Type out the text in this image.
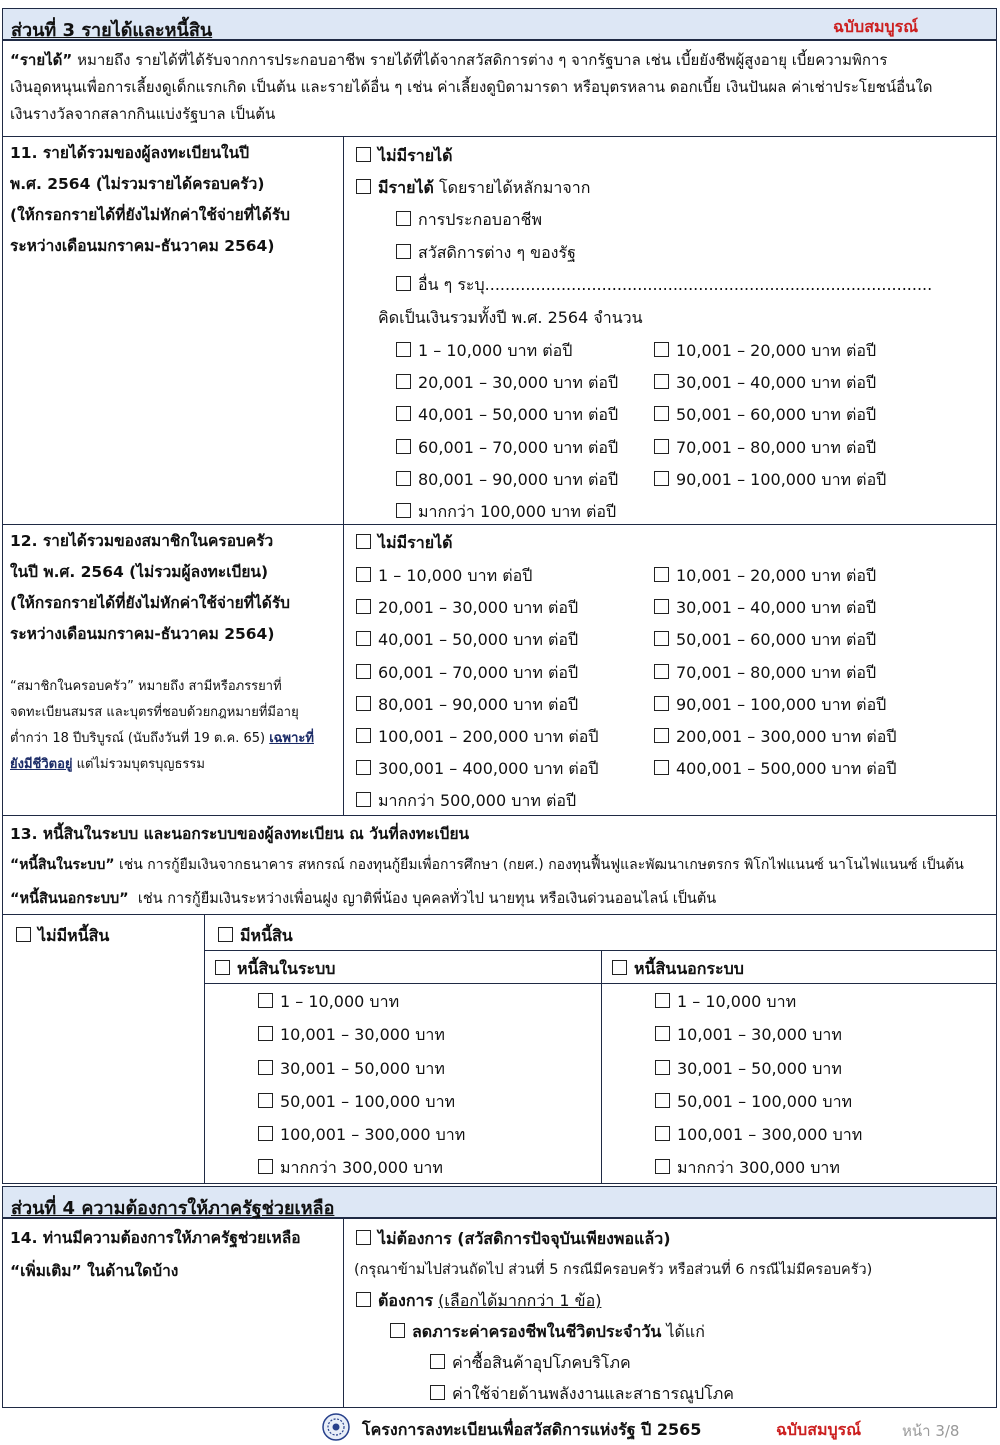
ส่วนที่ 3 รายได้และหนี้สิน	ฉบับสมบูรณ์
“รายได้” หมายถึง รายได้ที่ได้รับจากการประกอบอาชีพ รายได้ที่ได้จากสวัสดิการต่าง ๆ จากรัฐบาล เช่น เบี้ยยังชีพผู้สูงอายุ เบี้ยความพิการ
เงินอุดหนุนเพื่อการเลี้ยงดูเด็กแรกเกิด เป็นต้น และรายได้อื่น ๆ เช่น ค่าเลี้ยงดูบิดามารดา หรือบุตรหลาน ดอกเบี้ย เงินปันผล ค่าเช่าประโยชน์อื่นใด
เงินรางวัลจากสลากกินแบ่งรัฐบาล เป็นต้น
11. รายได้รวมของผู้ลงทะเบียนในปี
พ.ศ. 2564 (ไม่รวมรายได้ครอบครัว)
(ให้กรอกรายได้ที่ยังไม่หักค่าใช้จ่ายที่ได้รับ
ระหว่างเดือนมกราคม-ธันวาคม 2564)
ไม่มีรายได้
มีรายได้ โดยรายได้หลักมาจาก
การประกอบอาชีพ
สวัสดิการต่าง ๆ ของรัฐ
อื่น ๆ ระบุ........................................................................................
คิดเป็นเงินรวมทั้งปี พ.ศ. 2564 จำนวน
1 – 10,000 บาท ต่อปี	10,001 – 20,000 บาท ต่อปี
20,001 – 30,000 บาท ต่อปี	30,001 – 40,000 บาท ต่อปี
40,001 – 50,000 บาท ต่อปี	50,001 – 60,000 บาท ต่อปี
60,001 – 70,000 บาท ต่อปี	70,001 – 80,000 บาท ต่อปี
80,001 – 90,000 บาท ต่อปี	90,001 – 100,000 บาท ต่อปี
มากกว่า 100,000 บาท ต่อปี
12. รายได้รวมของสมาชิกในครอบครัว
ในปี พ.ศ. 2564 (ไม่รวมผู้ลงทะเบียน)
(ให้กรอกรายได้ที่ยังไม่หักค่าใช้จ่ายที่ได้รับ
ระหว่างเดือนมกราคม-ธันวาคม 2564)
“สมาชิกในครอบครัว” หมายถึง สามีหรือภรรยาที่
จดทะเบียนสมรส และบุตรที่ชอบด้วยกฎหมายที่มีอายุ
ต่ำกว่า 18 ปีบริบูรณ์ (นับถึงวันที่ 19 ต.ค. 65) เฉพาะที่
ยังมีชีวิตอยู่ แต่ไม่รวมบุตรบุญธรรม
ไม่มีรายได้
1 – 10,000 บาท ต่อปี	10,001 – 20,000 บาท ต่อปี
20,001 – 30,000 บาท ต่อปี	30,001 – 40,000 บาท ต่อปี
40,001 – 50,000 บาท ต่อปี	50,001 – 60,000 บาท ต่อปี
60,001 – 70,000 บาท ต่อปี	70,001 – 80,000 บาท ต่อปี
80,001 – 90,000 บาท ต่อปี	90,001 – 100,000 บาท ต่อปี
100,001 – 200,000 บาท ต่อปี	200,001 – 300,000 บาท ต่อปี
300,001 – 400,000 บาท ต่อปี	400,001 – 500,000 บาท ต่อปี
มากกว่า 500,000 บาท ต่อปี
13. หนี้สินในระบบ และนอกระบบของผู้ลงทะเบียน ณ วันที่ลงทะเบียน
“หนี้สินในระบบ” เช่น การกู้ยืมเงินจากธนาคาร สหกรณ์ กองทุนกู้ยืมเพื่อการศึกษา (กยศ.) กองทุนฟื้นฟูและพัฒนาเกษตรกร พิโกไฟแนนซ์ นาโนไฟแนนซ์ เป็นต้น
“หนี้สินนอกระบบ” เช่น การกู้ยืมเงินระหว่างเพื่อนฝูง ญาติพี่น้อง บุคคลทั่วไป นายทุน หรือเงินด่วนออนไลน์ เป็นต้น
ไม่มีหนี้สิน	มีหนี้สิน
หนี้สินในระบบ	หนี้สินนอกระบบ
1 – 10,000 บาท
10,001 – 30,000 บาท
30,001 – 50,000 บาท
50,001 – 100,000 บาท
100,001 – 300,000 บาท
มากกว่า 300,000 บาท
1 – 10,000 บาท
10,001 – 30,000 บาท
30,001 – 50,000 บาท
50,001 – 100,000 บาท
100,001 – 300,000 บาท
มากกว่า 300,000 บาท
ส่วนที่ 4 ความต้องการให้ภาครัฐช่วยเหลือ
14. ท่านมีความต้องการให้ภาครัฐช่วยเหลือ
“เพิ่มเติม” ในด้านใดบ้าง
ไม่ต้องการ (สวัสดิการปัจจุบันเพียงพอแล้ว)
(กรุณาข้ามไปส่วนถัดไป ส่วนที่ 5 กรณีมีครอบครัว หรือส่วนที่ 6 กรณีไม่มีครอบครัว)
ต้องการ (เลือกได้มากกว่า 1 ข้อ)
ลดภาระค่าครองชีพในชีวิตประจำวัน ได้แก่
ค่าซื้อสินค้าอุปโภคบริโภค
ค่าใช้จ่ายด้านพลังงานและสาธารณูปโภค
โครงการลงทะเบียนเพื่อสวัสดิการแห่งรัฐ ปี 2565	ฉบับสมบูรณ์	หน้า 3/8
